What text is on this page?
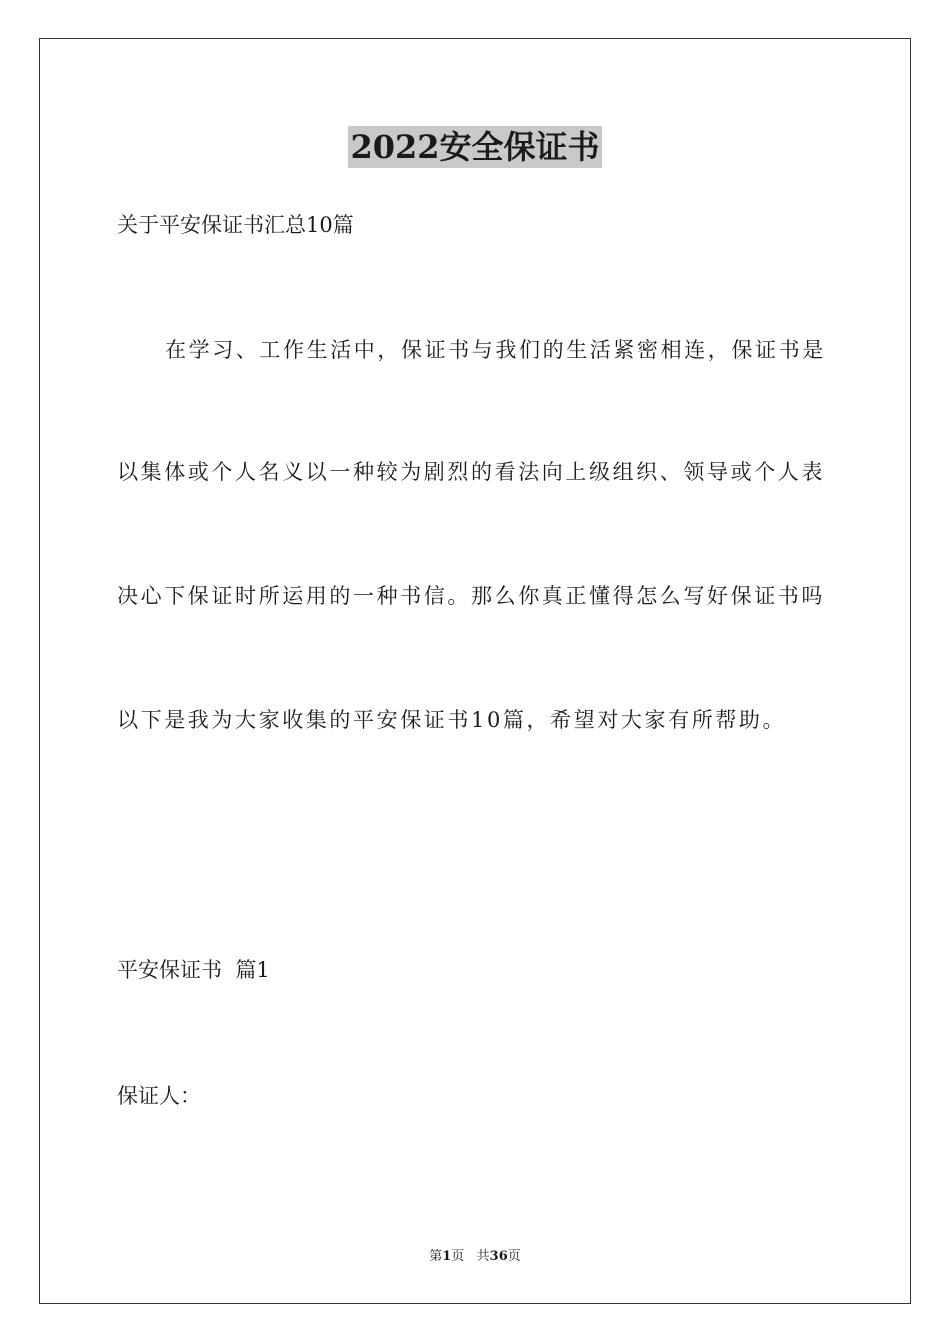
2022安全保证书
关于平安保证书汇总10篇
在学习、工作生活中，保证书与我们的生活紧密相连，保证书是
以集体或个人名义以一种较为剧烈的看法向上级组织、领导或个人表
决心下保证时所运用的一种书信。那么你真正懂得怎么写好保证书吗
以下是我为大家收集的平安保证书10篇，希望对大家有所帮助。
平安保证书  篇1
保证人：
第1页   共36页
